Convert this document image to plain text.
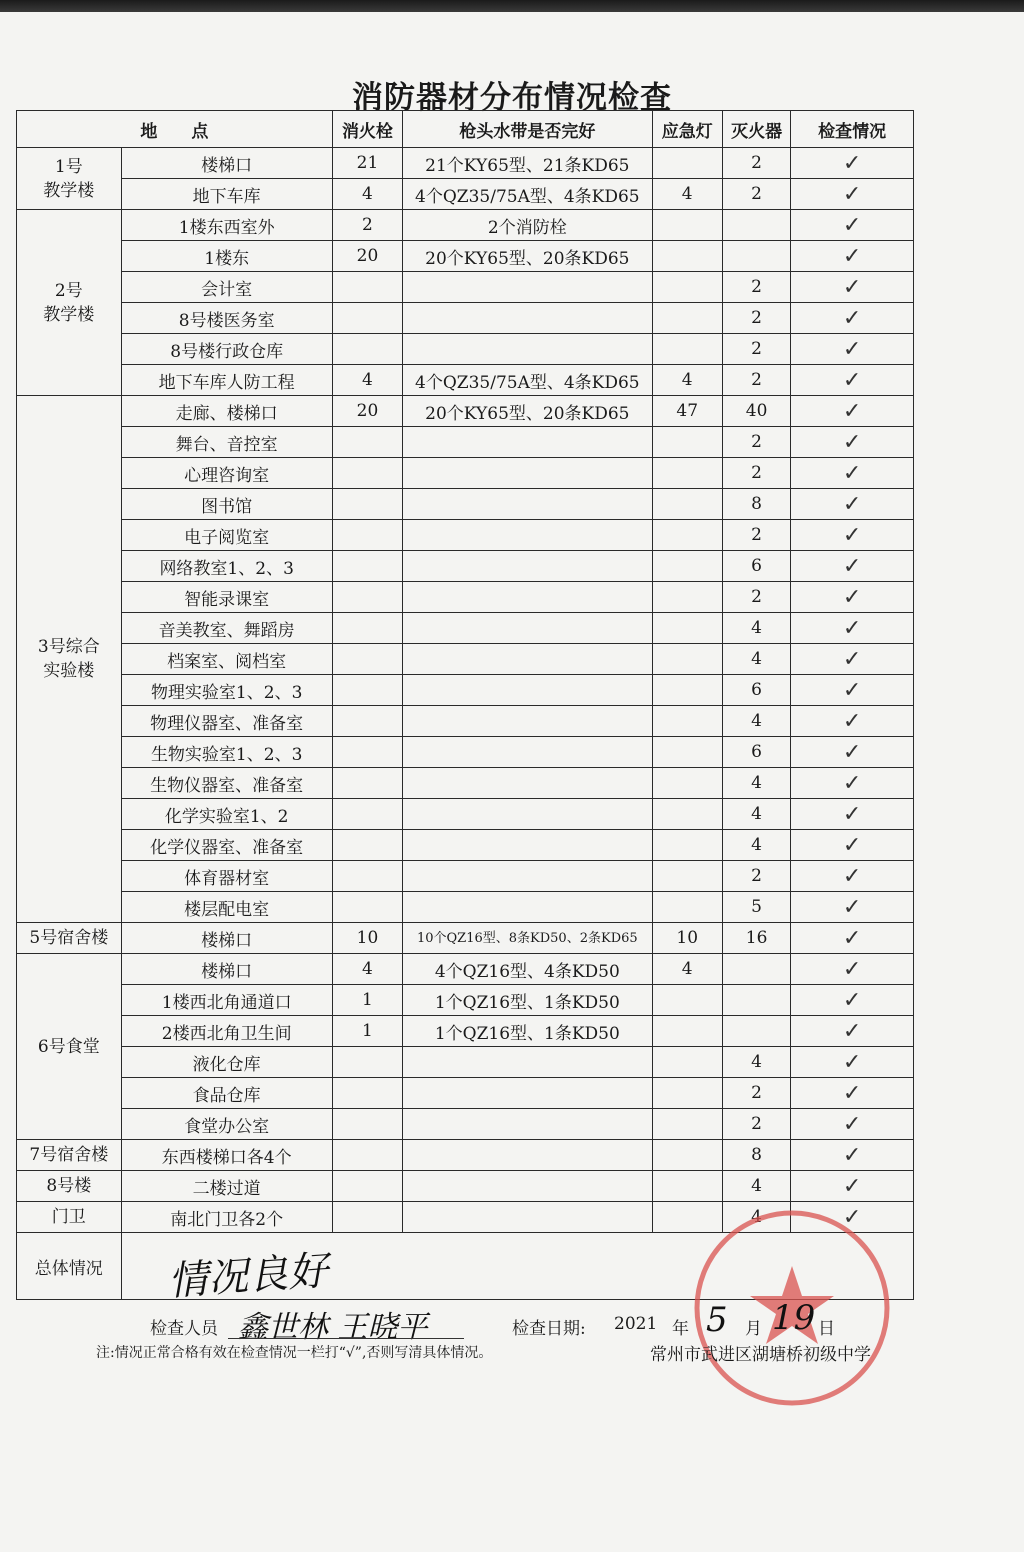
消防器材分布情况检查
地　　点		消火栓	枪头水带是否完好	应急灯	灭火器	检查情况
1号
教学楼	楼梯口	21	21个KY65型、21条KD65		2	✓
	地下车库	4	4个QZ35/75A型、4条KD65	4	2	✓
2号
教学楼	1楼东西室外	2	2个消防栓			✓
	1楼东	20	20个KY65型、20条KD65			✓
	会计室				2	✓
	8号楼医务室				2	✓
	8号楼行政仓库				2	✓
	地下车库人防工程	4	4个QZ35/75A型、4条KD65	4	2	✓
3号综合
实验楼	走廊、楼梯口	20	20个KY65型、20条KD65	47	40	✓
	舞台、音控室				2	✓
	心理咨询室				2	✓
	图书馆				8	✓
	电子阅览室				2	✓
	网络教室1、2、3				6	✓
	智能录课室				2	✓
	音美教室、舞蹈房				4	✓
	档案室、阅档室				4	✓
	物理实验室1、2、3				6	✓
	物理仪器室、准备室				4	✓
	生物实验室1、2、3				6	✓
	生物仪器室、准备室				4	✓
	化学实验室1、2				4	✓
	化学仪器室、准备室				4	✓
	体育器材室				2	✓
	楼层配电室				5	✓
5号宿舍楼	楼梯口	10	10个QZ16型、8条KD50、2条KD65	10	16	✓
6号食堂	楼梯口	4	4个QZ16型、4条KD50	4		✓
	1楼西北角通道口	1	1个QZ16型、1条KD50			✓
	2楼西北角卫生间	1	1个QZ16型、1条KD50			✓
	液化仓库				4	✓
	食品仓库				2	✓
	食堂办公室				2	✓
7号宿舍楼	东西楼梯口各4个				8	✓
8号楼	二楼过道				4	✓
门卫	南北门卫各2个				4	✓
总体情况						情况良好
检查人员 鑫世林 王晓平	检查日期: 2021 年 5 月 19 日
注:情况正常合格有效在检查情况一栏打“√”,否则写清具体情况。	常州市武进区湖塘桥初级中学
